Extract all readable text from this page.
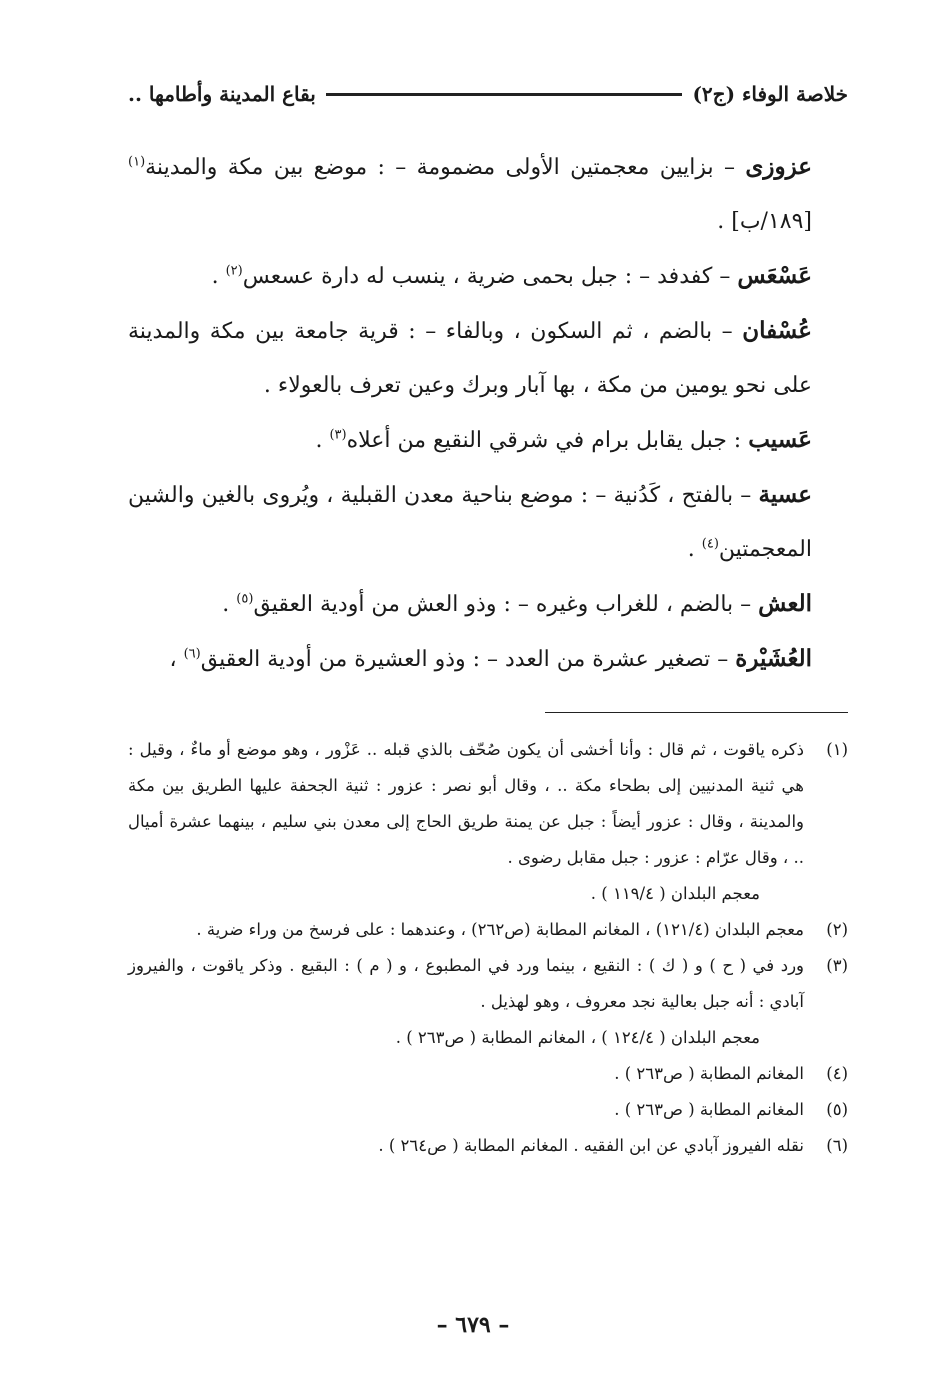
خلاصة الوفاء (ج٢)
بقاع المدينة وأطامها ..

عزوزى – بزايين معجمتين الأولى مضمومة – : موضع بين مكة والمدينة$^{(١)}$ [١٨٩/ب] .

عَسْعَس – كفدفد – : جبل بحمى ضرية ، ينسب له دارة عسعس$^{(٢)}$ .

عُسْفان – بالضم ، ثم السكون ، وبالفاء – : قرية جامعة بين مكة والمدينة على نحو يومين من مكة ، بها آبار وبرك وعين تعرف بالعولاء .

عَسيب : جبل يقابل برام في شرقي النقيع من أعلاه$^{(٣)}$ .

عسية – بالفتح ، كَدُنية – : موضع بناحية معدن القبلية ، ويُروى بالغين والشين المعجمتين$^{(٤)}$ .

العش – بالضم ، للغراب وغيره – : وذو العش من أودية العقيق$^{(٥)}$ .

العُشَيْرة – تصغير عشرة من العدد – : وذو العشيرة من أودية العقيق$^{(٦)}$ ،

(١)
ذكره ياقوت ، ثم قال : وأنا أخشى أن يكون صُحّف بالذي قبله .. عَزْور ، وهو موضع أو ماءٌ ، وقيل : هي ثنية المدنيين إلى بطحاء مكة .. ، وقال أبو نصر : عزور : ثنية الجحفة عليها الطريق بين مكة والمدينة ، وقال : عزور أيضاً : جبل عن يمنة طريق الحاج إلى معدن بني سليم ، بينهما عشرة أميال .. ، وقال عرّام : عزور : جبل مقابل رضوى .
معجم البلدان ( ١١٩/٤ ) .
(٢)
معجم البلدان (١٢١/٤) ، المغانم المطابة (ص٢٦٢) ، وعندهما : على فرسخ من وراء ضرية .
(٣)
ورد في ( ح ) و ( ك ) : النقيع ، بينما ورد في المطبوع ، و ( م ) : البقيع . وذكر ياقوت ، والفيروز آبادي : أنه جبل بعالية نجد معروف ، وهو لهذيل .
معجم البلدان ( ١٢٤/٤ ) ، المغانم المطابة ( ص٢٦٣ ) .
(٤)
المغانم المطابة ( ص٢٦٣ ) .
(٥)
المغانم المطابة ( ص٢٦٣ ) .
(٦)
نقله الفيروز آبادي عن ابن الفقيه . المغانم المطابة ( ص٢٦٤ ) .
– ٦٧٩ –
